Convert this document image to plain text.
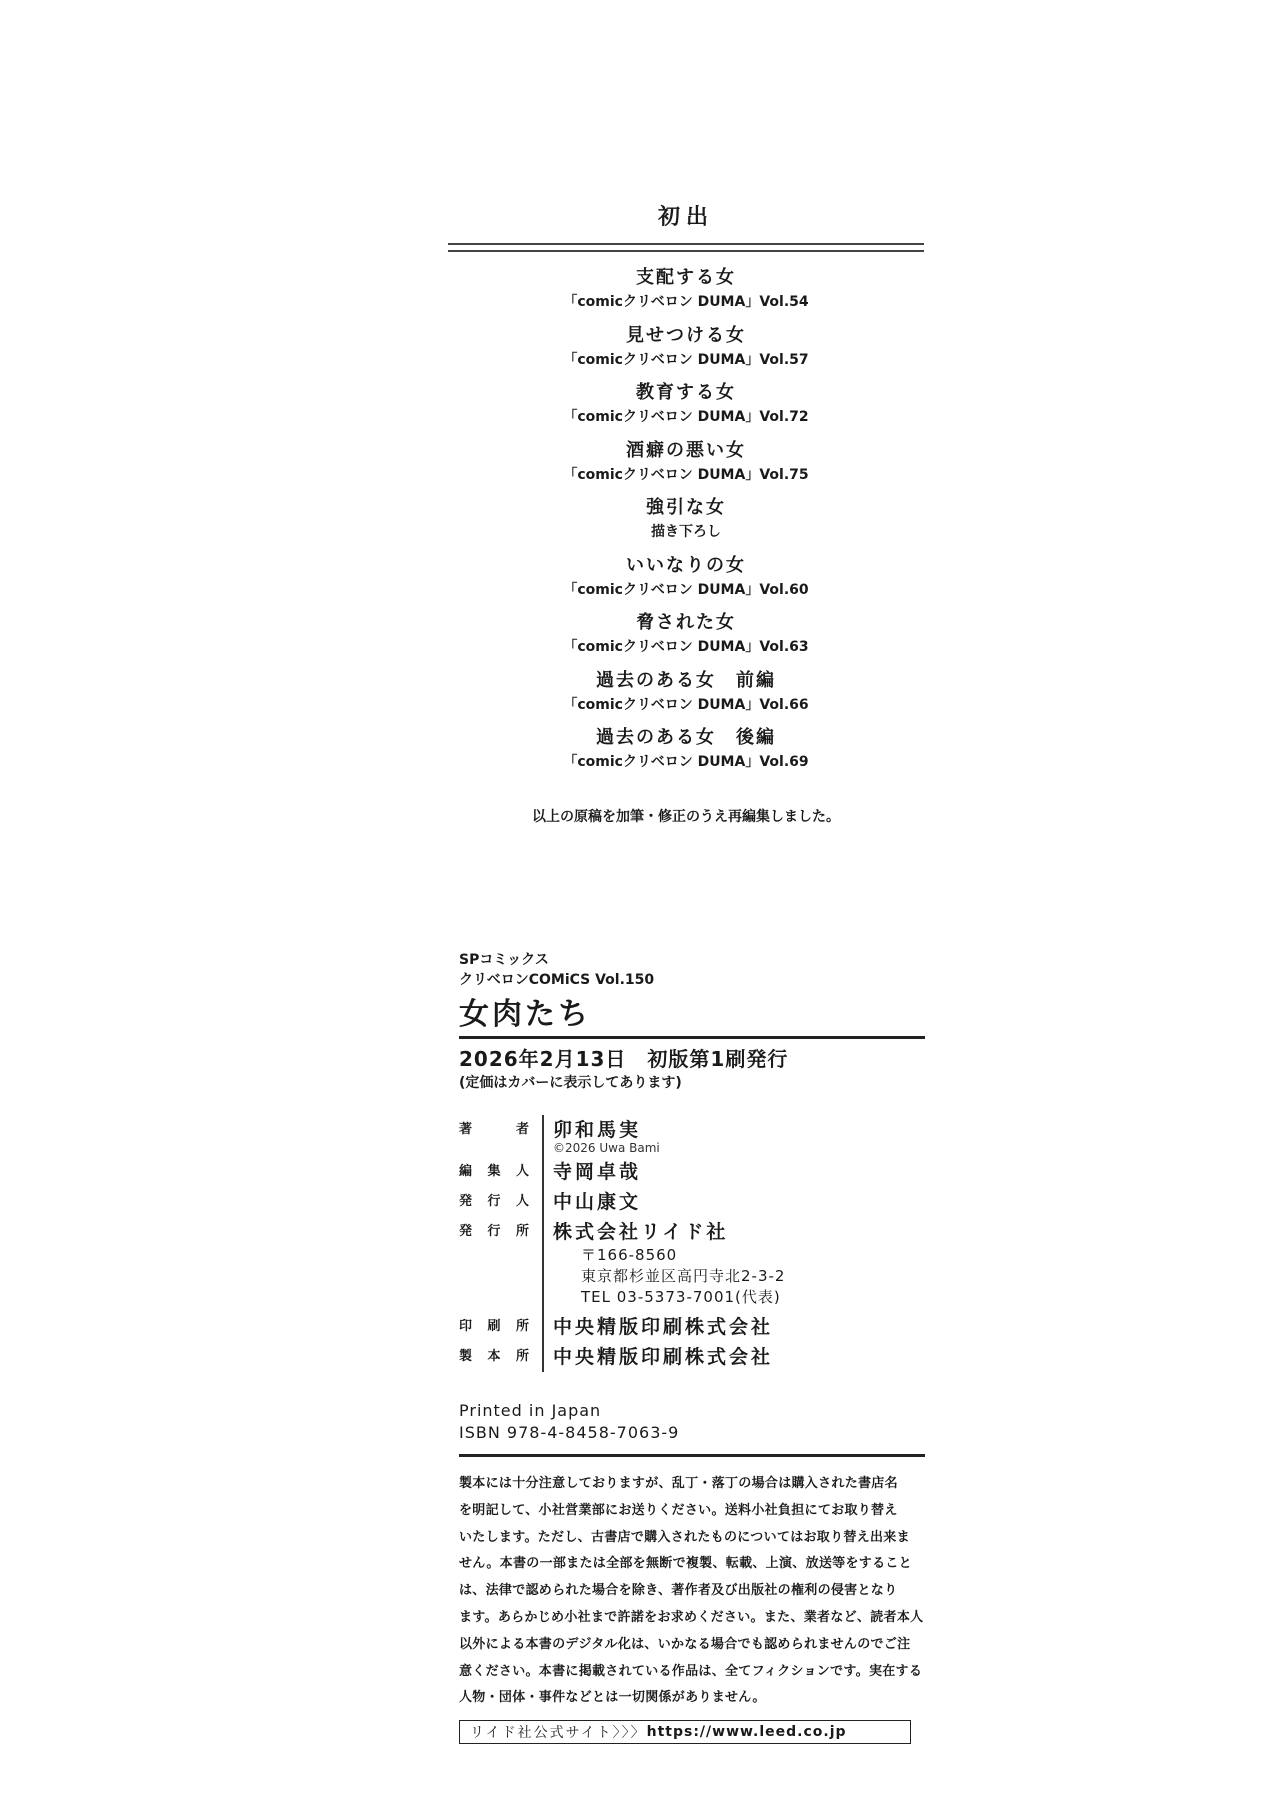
初出
支配する女
「comicクリベロン DUMA」Vol.54
見せつける女
「comicクリベロン DUMA」Vol.57
教育する女
「comicクリベロン DUMA」Vol.72
酒癖の悪い女
「comicクリベロン DUMA」Vol.75
強引な女
描き下ろし
いいなりの女
「comicクリベロン DUMA」Vol.60
脅された女
「comicクリベロン DUMA」Vol.63
過去のある女　前編
「comicクリベロン DUMA」Vol.66
過去のある女　後編
「comicクリベロン DUMA」Vol.69
以上の原稿を加筆・修正のうえ再編集しました。
SPコミックス
クリベロンCOMiCS Vol.150
女肉たち
2026年2月13日　初版第1刷発行
(定価はカバーに表示してあります)
著	者	卯和馬実
©2026 Uwa Bami
編 集 人	寺岡卓哉
発 行 人	中山康文
発 行 所	株式会社リイド社
〒166-8560
東京都杉並区高円寺北2-3-2
TEL 03-5373-7001(代表)
印 刷 所	中央精版印刷株式会社
製 本 所	中央精版印刷株式会社
Printed in Japan
ISBN 978-4-8458-7063-9
製本には十分注意しておりますが、乱丁・落丁の場合は購入された書店名
を明記して、小社営業部にお送りください。送料小社負担にてお取り替え
いたします。ただし、古書店で購入されたものについてはお取り替え出来ま
せん。本書の一部または全部を無断で複製、転載、上演、放送等をすること
は、法律で認められた場合を除き、著作者及び出版社の権利の侵害となり
ます。あらかじめ小社まで許諾をお求めください。また、業者など、読者本人
以外による本書のデジタル化は、いかなる場合でも認められませんのでご注
意ください。本書に掲載されている作品は、全てフィクションです。実在する
人物・団体・事件などとは一切関係がありません。
リイド社公式サイト 〉〉〉 https://www.leed.co.jp
